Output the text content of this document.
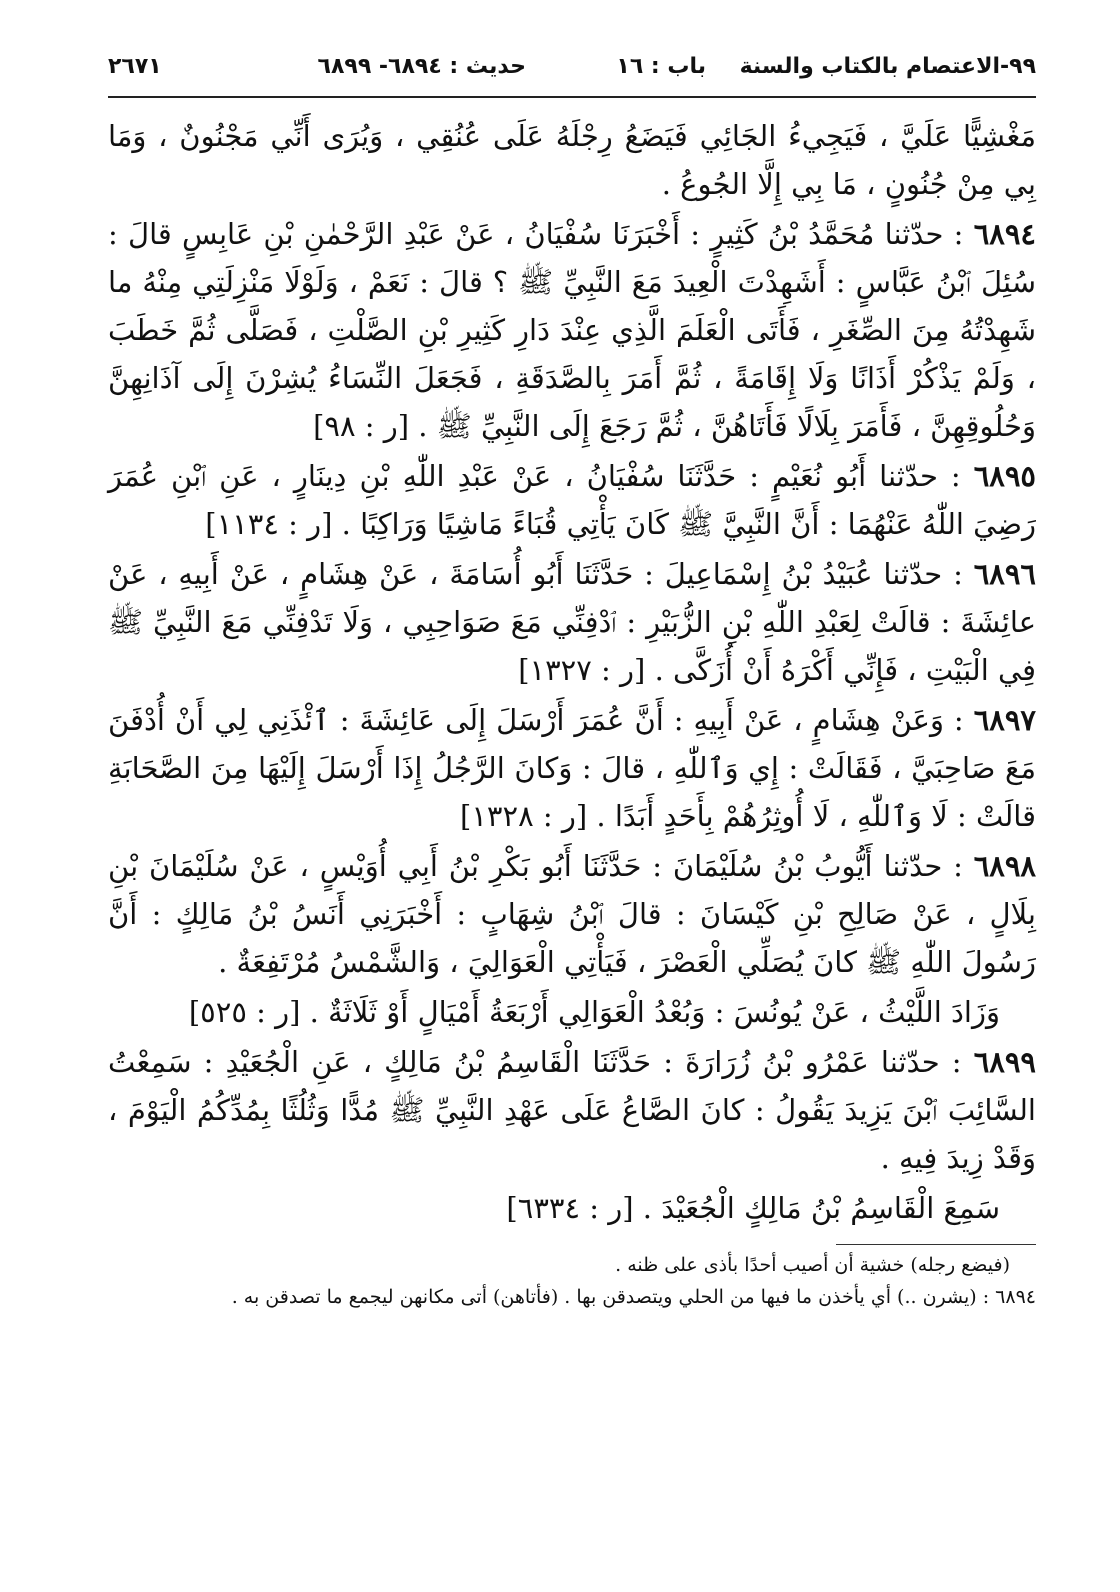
٩٩-الاعتصام بالكتاب والسنة
باب : ١٦
حديث : ٦٨٩٤- ٦٨٩٩
٢٦٧١

مَغْشِيًّا عَلَيَّ ، فَيَجِيءُ الجَائِي فَيَضَعُ رِجْلَهُ عَلَى عُنُقِي ، وَيُرَى أَنِّي مَجْنُونٌ ، وَمَا بِي مِنْ جُنُونٍ ، مَا بِي إِلَّا الجُوعُ .

٦٨٩٤ : حدّثنا مُحَمَّدُ بْنُ كَثِيرٍ : أَخْبَرَنَا سُفْيَانُ ، عَنْ عَبْدِ الرَّحْمٰنِ بْنِ عَابِسٍ قالَ : سُئِلَ ٱبْنُ عَبَّاسٍ : أَشَهِدْتَ الْعِيدَ مَعَ النَّبِيِّ ﷺ ؟ قالَ : نَعَمْ ، وَلَوْلَا مَنْزِلَتِي مِنْهُ ما شَهِدْتُهُ مِنَ الصِّغَرِ ، فَأَتَى الْعَلَمَ الَّذِي عِنْدَ دَارِ كَثِيرِ بْنِ الصَّلْتِ ، فَصَلَّى ثُمَّ خَطَبَ ، وَلَمْ يَذْكُرْ أَذَانًا وَلَا إِقَامَةً ، ثُمَّ أَمَرَ بِالصَّدَقَةِ ، فَجَعَلَ النِّسَاءُ يُشِرْنَ إِلَى آذَانِهِنَّ وَحُلُوقِهِنَّ ، فَأَمَرَ بِلَالًا فَأَتَاهُنَّ ، ثُمَّ رَجَعَ إِلَى النَّبِيِّ ﷺ . [ر : ٩٨]

٦٨٩٥ : حدّثنا أَبُو نُعَيْمٍ : حَدَّثَنَا سُفْيَانُ ، عَنْ عَبْدِ اللّٰهِ بْنِ دِينَارٍ ، عَنِ ٱبْنِ عُمَرَ رَضِيَ اللّٰهُ عَنْهُمَا : أَنَّ النَّبِيَّ ﷺ كَانَ يَأْتِي قُبَاءً مَاشِيًا وَرَاكِبًا . [ر : ١١٣٤]

٦٨٩٦ : حدّثنا عُبَيْدُ بْنُ إِسْمَاعِيلَ : حَدَّثَنَا أَبُو أُسَامَةَ ، عَنْ هِشَامٍ ، عَنْ أَبِيهِ ، عَنْ عائِشَةَ : قالَتْ لِعَبْدِ اللّٰهِ بْنِ الزُّبَيْرِ : ٱدْفِنِّي مَعَ صَوَاحِبِي ، وَلَا تَدْفِنِّي مَعَ النَّبِيِّ ﷺ فِي الْبَيْتِ ، فَإِنِّي أَكْرَهُ أَنْ أُزَكَّى . [ر : ١٣٢٧]

٦٨٩٧ : وَعَنْ هِشَامٍ ، عَنْ أَبِيهِ : أَنَّ عُمَرَ أَرْسَلَ إِلَى عَائِشَةَ : ٱئْذَنِي لِي أَنْ أُدْفَنَ مَعَ صَاحِبَيَّ ، فَقَالَتْ : إِي وَٱللّٰهِ ، قالَ : وَكانَ الرَّجُلُ إِذَا أَرْسَلَ إِلَيْهَا مِنَ الصَّحَابَةِ قالَتْ : لَا وَٱللّٰهِ ، لَا أُوثِرُهُمْ بِأَحَدٍ أَبَدًا . [ر : ١٣٢٨]

٦٨٩٨ : حدّثنا أَيُّوبُ بْنُ سُلَيْمَانَ : حَدَّثَنَا أَبُو بَكْرِ بْنُ أَبِي أُوَيْسٍ ، عَنْ سُلَيْمَانَ بْنِ بِلَالٍ ، عَنْ صَالِحِ بْنِ كَيْسَانَ : قالَ ٱبْنُ شِهَابٍ : أَخْبَرَنِي أَنَسُ بْنُ مَالِكٍ : أَنَّ رَسُولَ اللّٰهِ ﷺ كانَ يُصَلِّي الْعَصْرَ ، فَيَأْتِي الْعَوَالِيَ ، وَالشَّمْسُ مُرْتَفِعَةٌ .

وَزَادَ اللَّيْثُ ، عَنْ يُونُسَ : وَبُعْدُ الْعَوَالِي أَرْبَعَةُ أَمْيَالٍ أَوْ ثَلَاثَةٌ . [ر : ٥٢٥]

٦٨٩٩ : حدّثنا عَمْرُو بْنُ زُرَارَةَ : حَدَّثَنَا الْقَاسِمُ بْنُ مَالِكٍ ، عَنِ الْجُعَيْدِ : سَمِعْتُ السَّائِبَ ٱبْنَ يَزِيدَ يَقُولُ : كانَ الصَّاعُ عَلَى عَهْدِ النَّبِيِّ ﷺ مُدًّا وَثُلُثًا بِمُدِّكُمُ الْيَوْمَ ، وَقَدْ زِيدَ فِيهِ .

سَمِعَ الْقَاسِمُ بْنُ مَالِكٍ الْجُعَيْدَ . [ر : ٦٣٣٤]

(فيضع رجله) خشية أن أصيب أحدًا بأذى على ظنه .

٦٨٩٤ : (يشرن ..) أي يأخذن ما فيها من الحلي ويتصدقن بها . (فأتاهن) أتى مكانهن ليجمع ما تصدقن به .
